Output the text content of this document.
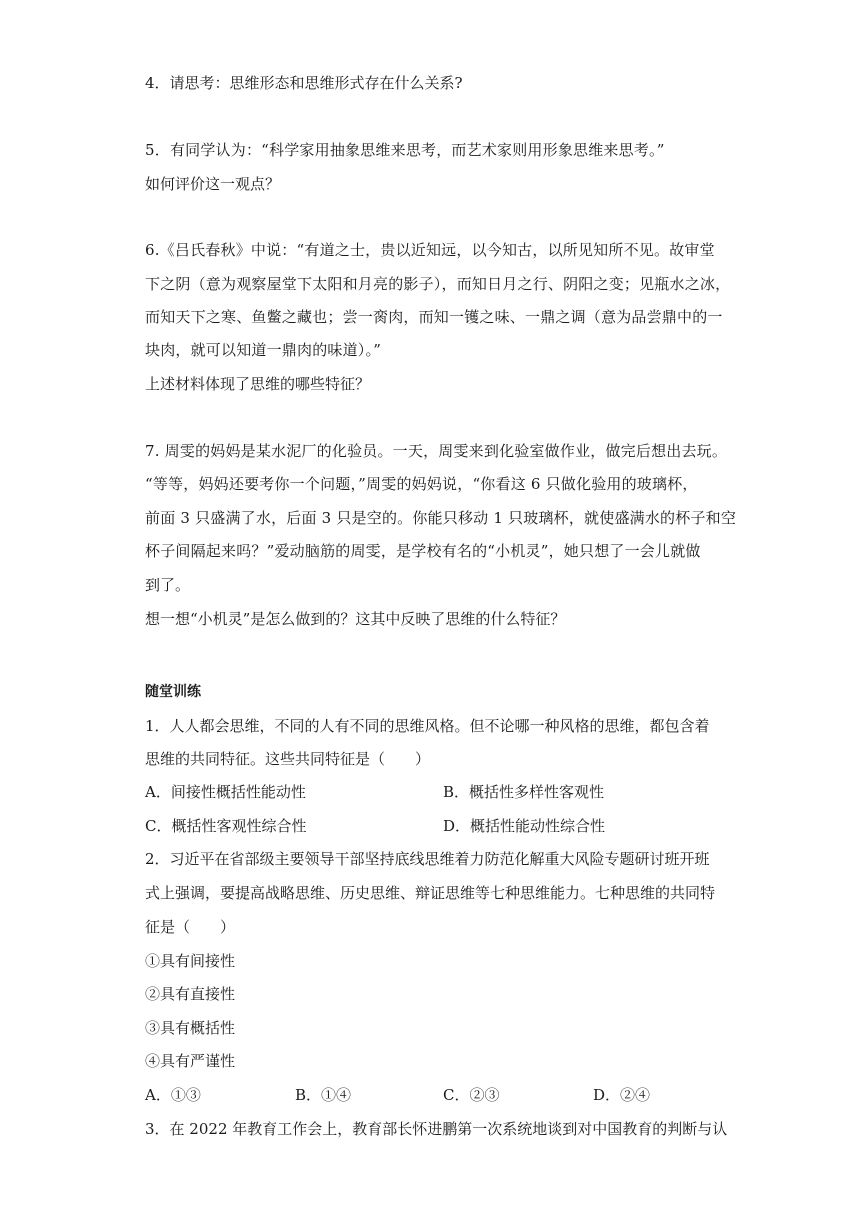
4．请思考：思维形态和思维形式存在什么关系?
5．有同学认为：“科学家用抽象思维来思考，而艺术家则用形象思维来思考。”
如何评价这一观点？
6.《吕氏春秋》中说：“有道之士，贵以近知远，以今知古，以所见知所不见。故审堂
下之阴（意为观察屋堂下太阳和月亮的影子），而知日月之行、阴阳之变；见瓶水之冰，
而知天下之寒、鱼鳖之藏也；尝一脔肉，而知一镬之味、一鼎之调（意为品尝鼎中的一
块肉，就可以知道一鼎肉的味道）。”
上述材料体现了思维的哪些特征？
7. 周雯的妈妈是某水泥厂的化验员。一天，周雯来到化验室做作业，做完后想出去玩。
“等等，妈妈还要考你一个问题，”周雯的妈妈说，“你看这 6 只做化验用的玻璃杯，
前面 3 只盛满了水，后面 3 只是空的。你能只移动 1 只玻璃杯，就使盛满水的杯子和空
杯子间隔起来吗？”爱动脑筋的周雯，是学校有名的“小机灵”，她只想了一会儿就做
到了。
想一想“小机灵”是怎么做到的？这其中反映了思维的什么特征？
随堂训练
1．人人都会思维，不同的人有不同的思维风格。但不论哪一种风格的思维，都包含着
思维的共同特征。这些共同特征是（　　）
A．间接性概括性能动性	B．概括性多样性客观性
C．概括性客观性综合性	D．概括性能动性综合性
2．习近平在省部级主要领导干部坚持底线思维着力防范化解重大风险专题研讨班开班
式上强调，要提高战略思维、历史思维、辩证思维等七种思维能力。七种思维的共同特
征是（　　）
①具有间接性
②具有直接性
③具有概括性
④具有严谨性
A．①③	B．①④	C．②③	D．②④
3．在 2022 年教育工作会上，教育部长怀进鹏第一次系统地谈到对中国教育的判断与认
